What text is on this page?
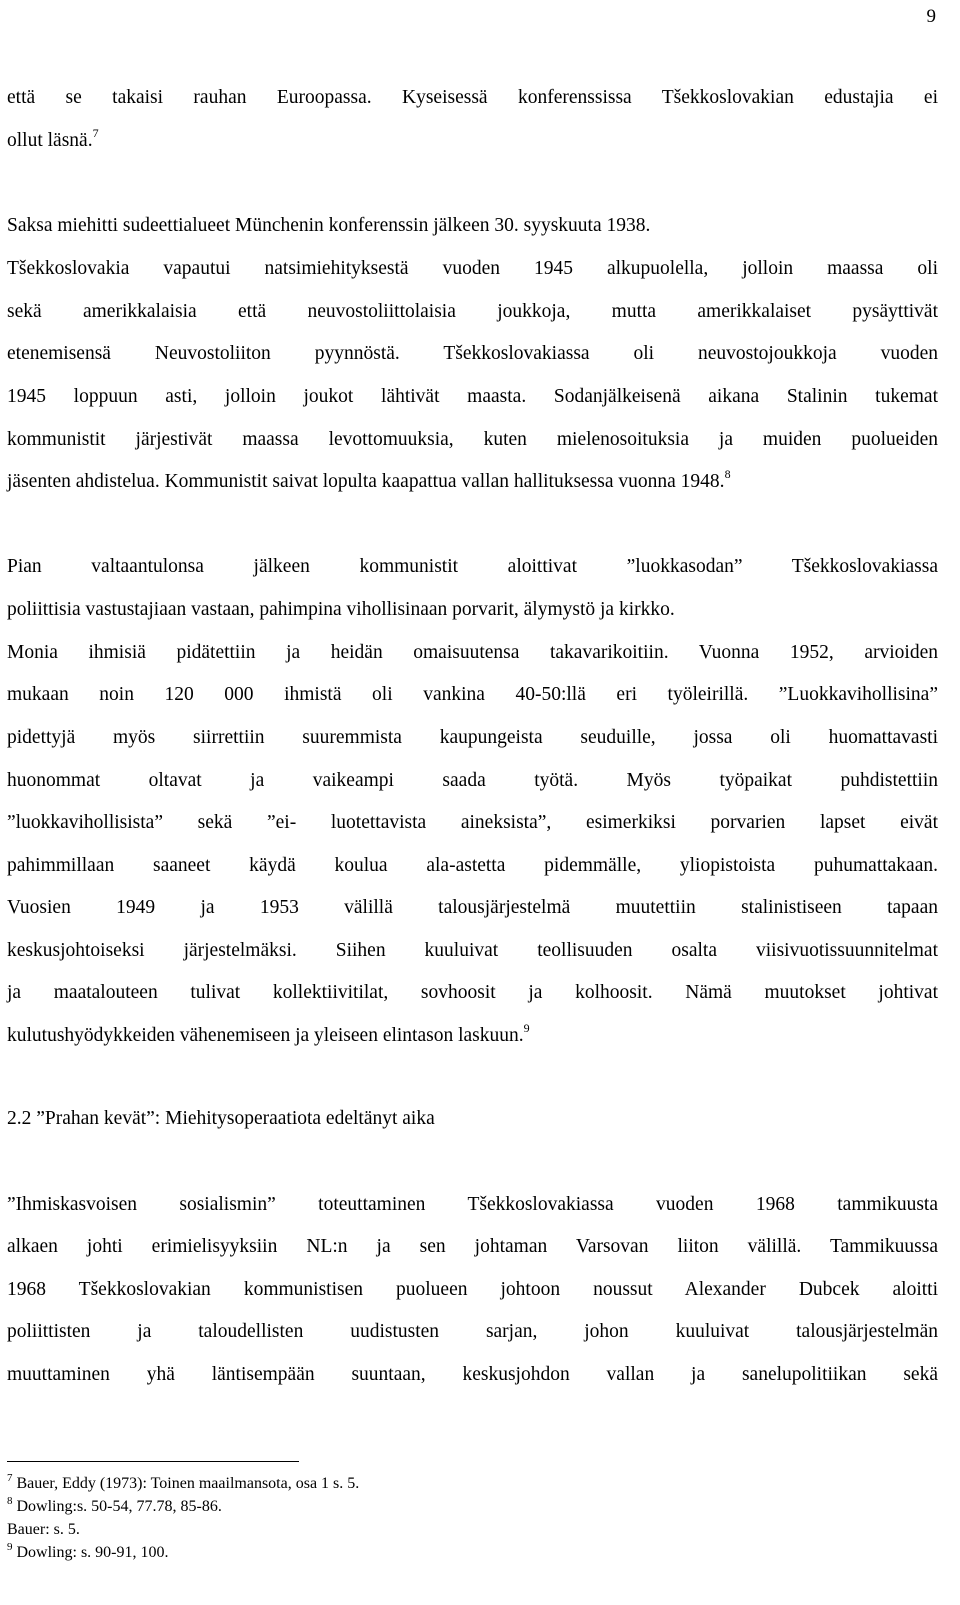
9
että se takaisi rauhan Euroopassa. Kyseisessä konferenssissa Tšekkoslovakian edustajia ei
ollut läsnä.$^7$
Saksa miehitti sudeettialueet Münchenin konferenssin jälkeen 30. syyskuuta 1938.
Tšekkoslovakia vapautui natsimiehityksestä vuoden 1945 alkupuolella, jolloin maassa oli
sekä amerikkalaisia että neuvostoliittolaisia joukkoja, mutta amerikkalaiset pysäyttivät
etenemisensä Neuvostoliiton pyynnöstä. Tšekkoslovakiassa oli neuvostojoukkoja vuoden
1945 loppuun asti, jolloin joukot lähtivät maasta. Sodanjälkeisenä aikana Stalinin tukemat
kommunistit järjestivät maassa levottomuuksia, kuten mielenosoituksia ja muiden puolueiden
jäsenten ahdistelua. Kommunistit saivat lopulta kaapattua vallan hallituksessa vuonna 1948.$^8$
Pian valtaantulonsa jälkeen kommunistit aloittivat ”luokkasodan” Tšekkoslovakiassa
poliittisia vastustajiaan vastaan, pahimpina vihollisinaan porvarit, älymystö ja kirkko.
Monia ihmisiä pidätettiin ja heidän omaisuutensa takavarikoitiin. Vuonna 1952, arvioiden
mukaan noin 120 000 ihmistä oli vankina 40-50:llä eri työleirillä. ”Luokkavihollisina”
pidettyjä myös siirrettiin suuremmista kaupungeista seuduille, jossa oli huomattavasti
huonommat oltavat ja vaikeampi saada työtä. Myös työpaikat puhdistettiin
”luokkavihollisista” sekä ”ei- luotettavista aineksista”, esimerkiksi porvarien lapset eivät
pahimmillaan saaneet käydä koulua ala-astetta pidemmälle, yliopistoista puhumattakaan.
Vuosien 1949 ja 1953 välillä talousjärjestelmä muutettiin stalinistiseen tapaan
keskusjohtoiseksi järjestelmäksi. Siihen kuuluivat teollisuuden osalta viisivuotissuunnitelmat
ja maatalouteen tulivat kollektiivitilat, sovhoosit ja kolhoosit. Nämä muutokset johtivat
kulutushyödykkeiden vähenemiseen ja yleiseen elintason laskuun.$^9$
2.2 ”Prahan kevät”: Miehitysoperaatiota edeltänyt aika
”Ihmiskasvoisen sosialismin” toteuttaminen Tšekkoslovakiassa vuoden 1968 tammikuusta
alkaen johti erimielisyyksiin NL:n ja sen johtaman Varsovan liiton välillä. Tammikuussa
1968 Tšekkoslovakian kommunistisen puolueen johtoon noussut Alexander Dubcek aloitti
poliittisten ja taloudellisten uudistusten sarjan, johon kuuluivat talousjärjestelmän
muuttaminen yhä läntisempään suuntaan, keskusjohdon vallan ja sanelupolitiikan sekä
$^7$ Bauer, Eddy (1973): Toinen maailmansota, osa 1 s. 5.
$^8$ Dowling:s. 50-54, 77.78, 85-86.
Bauer: s. 5.
$^9$ Dowling: s. 90-91, 100.
